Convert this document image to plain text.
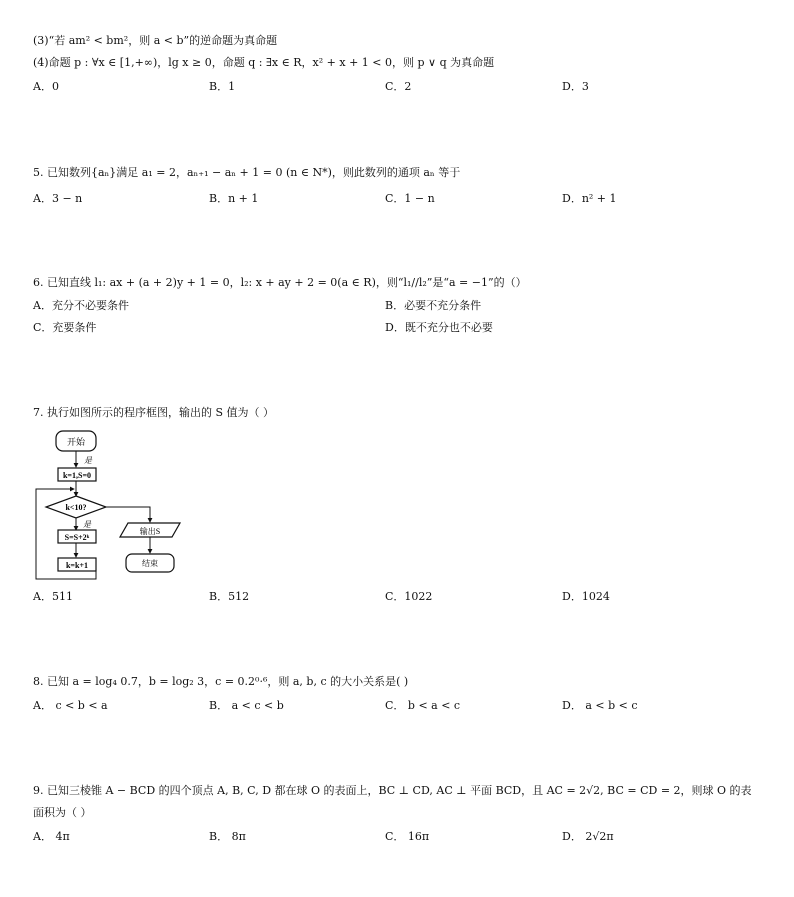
(3)“若 am² < bm²，则 a < b”的逆命题为真命题
(4)命题 p : ∀x ∈ [1,+∞)，lg x ≥ 0，命题 q : ∃x ∈ R，x² + x + 1 < 0，则 p ∨ q 为真命题
A．0	B．1	C．2	D．3
5. 已知数列{aₙ}满足 a₁ = 2，aₙ₊₁ − aₙ + 1 = 0 (n ∈ N*)，则此数列的通项 aₙ 等于
A．3 − n	B．n + 1	C．1 − n	D．n² + 1
6. 已知直线 l₁: ax + (a + 2)y + 1 = 0，l₂: x + ay + 2 = 0(a ∈ R)，则“l₁//l₂”是“a = −1”的（）
A．充分不必要条件	B．必要不充分条件
C．充要条件	D．既不充分也不必要
7. 执行如图所示的程序框图，输出的 S 值为（ ）
开始
是
k=1,S=0
k<10?
是
S=S+2ᵏ
k=k+1
输出S
结束
A．511	B．512	C．1022	D．1024
8. 已知 a = log₄ 0.7，b = log₂ 3，c = 0.2⁰·⁶，则 a, b, c 的大小关系是( )
A． c < b < a	B． a < c < b	C． b < a < c	D． a < b < c
9. 已知三棱锥 A − BCD 的四个顶点 A, B, C, D 都在球 O 的表面上，BC ⊥ CD, AC ⊥ 平面 BCD，且 AC = 2√2, BC = CD = 2，则球 O 的表
面积为（ ）
A． 4π	B． 8π	C． 16π	D． 2√2π
